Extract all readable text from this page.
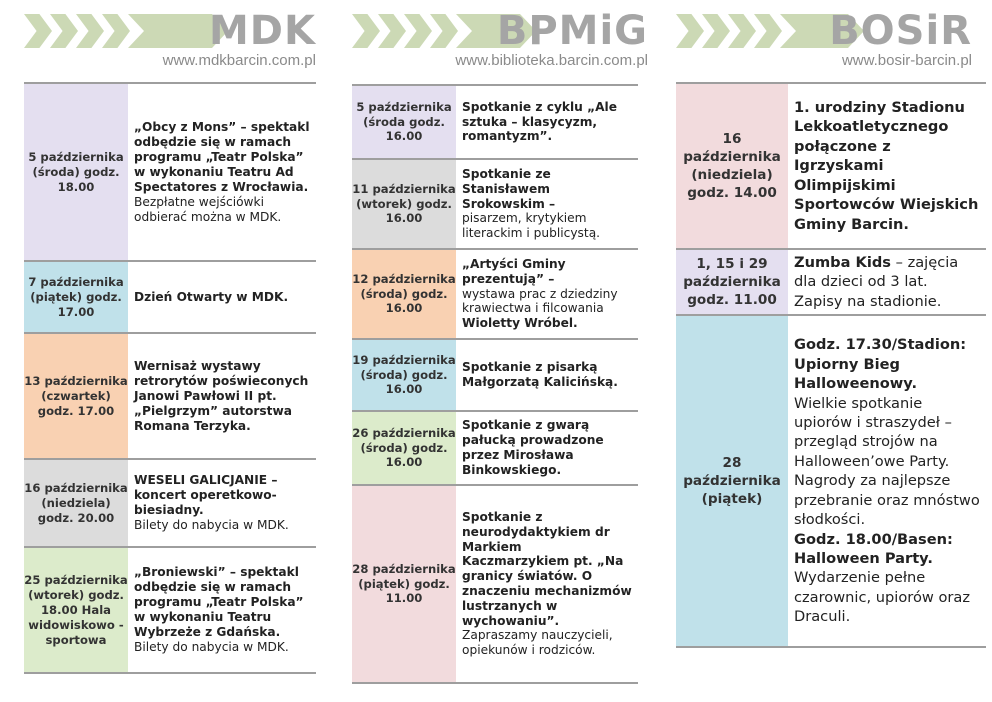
MDK
www.mdkbarcin.com.pl
5 października (środa) godz. 18.00
„Obcy z Mons” – spektakl odbędzie się w ramach programu „Teatr Polska” w wykonaniu Teatru Ad Spectatores z Wrocławia.
Bezpłatne wejściówki odbierać można w MDK.
7 października (piątek) godz. 17.00
Dzień Otwarty w MDK.
13 października (czwartek) godz. 17.00
Wernisaż wystawy retrorytów poświeconych Janowi Pawłowi II pt. „Pielgrzym” autorstwa Romana Terzyka.
16 października (niedziela) godz. 20.00
WESELI GALICJANIE – koncert operetkowo-biesiadny.
Bilety do nabycia w MDK.
25 października (wtorek) godz. 18.00 Hala widowiskowo - sportowa
„Broniewski” – spektakl odbędzie się w ramach programu „Teatr Polska” w wykonaniu Teatru Wybrzeże z Gdańska.
Bilety do nabycia w MDK.
BPMiG
www.biblioteka.barcin.com.pl
5 października (środa godz. 16.00
Spotkanie z cyklu „Ale sztuka – klasycyzm, romantyzm”.
11 października (wtorek) godz. 16.00
Spotkanie ze Stanisławem Srokowskim –
pisarzem, krytykiem literackim i publicystą.
12 października (środa) godz. 16.00
„Artyści Gminy prezentują” –
wystawa prac z dziedziny krawiectwa i filcowania
Wioletty Wróbel.
19 października (środa) godz. 16.00
Spotkanie z pisarką Małgorzatą Kalicińską.
26 października (środa) godz. 16.00
Spotkanie z gwarą pałucką prowadzone przez Mirosława Binkowskiego.
28 października (piątek) godz. 11.00
Spotkanie z neurodydaktykiem dr Markiem Kaczmarzykiem pt. „Na granicy światów. O znaczeniu mechanizmów lustrzanych w wychowaniu”.
Zapraszamy nauczycieli, opiekunów i rodziców.
BOSiR
www.bosir-barcin.pl
16 października (niedziela) godz. 14.00
1. urodziny Stadionu Lekkoatletycznego połączone z Igrzyskami Olimpijskimi Sportowców Wiejskich Gminy Barcin.
1, 15 i 29 października godz. 11.00
Zumba Kids – zajęcia dla dzieci od 3 lat. Zapisy na stadionie.
28 października (piątek)
Godz. 17.30/Stadion: Upiorny Bieg Halloweenowy.
Wielkie spotkanie upiorów i straszydeł – przegląd strojów na Halloween’owe Party. Nagrody za najlepsze przebranie oraz mnóstwo słodkości.
Godz. 18.00/Basen: Halloween Party.
Wydarzenie pełne czarownic, upiorów oraz Draculi.
